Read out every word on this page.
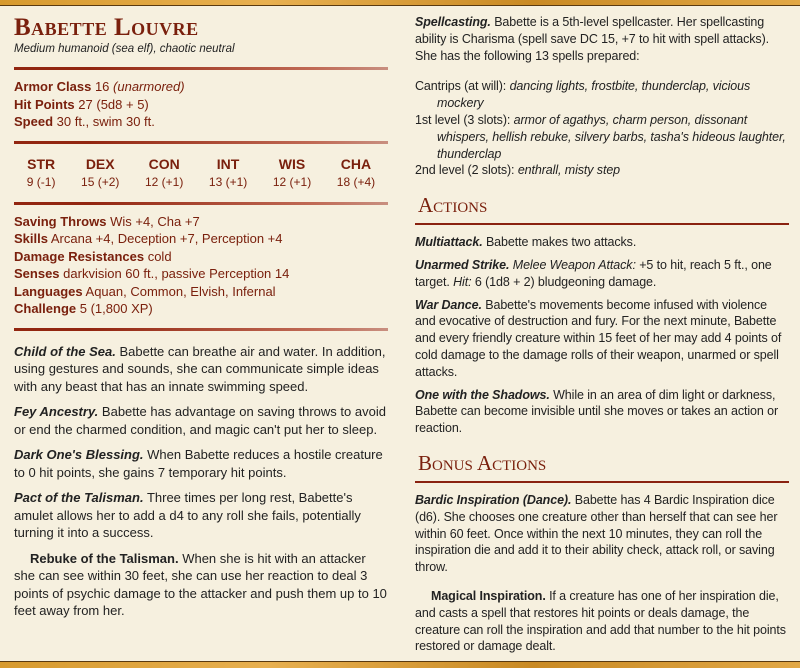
Babette Louvre
Medium humanoid (sea elf), chaotic neutral
Armor Class 16 (unarmored)
Hit Points 27 (5d8 + 5)
Speed 30 ft., swim 30 ft.
STR
9 (-1)
DEX
15 (+2)
CON
12 (+1)
INT
13 (+1)
WIS
12 (+1)
CHA
18 (+4)
Saving Throws Wis +4, Cha +7
Skills Arcana +4, Deception +7, Perception +4
Damage Resistances cold
Senses darkvision 60 ft., passive Perception 14
Languages Aquan, Common, Elvish, Infernal
Challenge 5 (1,800 XP)

Child of the Sea. Babette can breathe air and water. In addition, using gestures and sounds, she can communicate simple ideas with any beast that has an innate swimming speed.

Fey Ancestry. Babette has advantage on saving throws to avoid or end the charmed condition, and magic can't put her to sleep.

Dark One's Blessing. When Babette reduces a hostile creature to 0 hit points, she gains 7 temporary hit points.

Pact of the Talisman. Three times per long rest, Babette's amulet allows her to add a d4 to any roll she fails, potentially turning it into a success.

Rebuke of the Talisman. When she is hit with an attacker she can see within 30 feet, she can use her reaction to deal 3 points of psychic damage to the attacker and push them up to 10 feet away from her.

Spellcasting. Babette is a 5th-level spellcaster. Her spellcasting ability is Charisma (spell save DC 15, +7 to hit with spell attacks). She has the following 13 spells prepared:

Cantrips (at will): dancing lights, frostbite, thunderclap, vicious mockery
1st level (3 slots): armor of agathys, charm person, dissonant whispers, hellish rebuke, silvery barbs, tasha's hideous laughter, thunderclap
2nd level (2 slots): enthrall, misty step
Actions

Multiattack. Babette makes two attacks.

Unarmed Strike. Melee Weapon Attack: +5 to hit, reach 5 ft., one target. Hit: 6 (1d8 + 2) bludgeoning damage.

War Dance. Babette's movements become infused with violence and evocative of destruction and fury. For the next minute, Babette and every friendly creature within 15 feet of her may add 4 points of cold damage to the damage rolls of their weapon, unarmed or spell attacks.

One with the Shadows. While in an area of dim light or darkness, Babette can become invisible until she moves or takes an action or reaction.

Bonus Actions

Bardic Inspiration (Dance). Babette has 4 Bardic Inspiration dice (d6). She chooses one creature other than herself that can see her within 60 feet. Once within the next 10 minutes, they can roll the inspiration die and add it to their ability check, attack roll, or saving throw.

Magical Inspiration. If a creature has one of her inspiration die, and casts a spell that restores hit points or deals damage, the creature can roll the inspiration and add that number to the hit points restored or damage dealt.
